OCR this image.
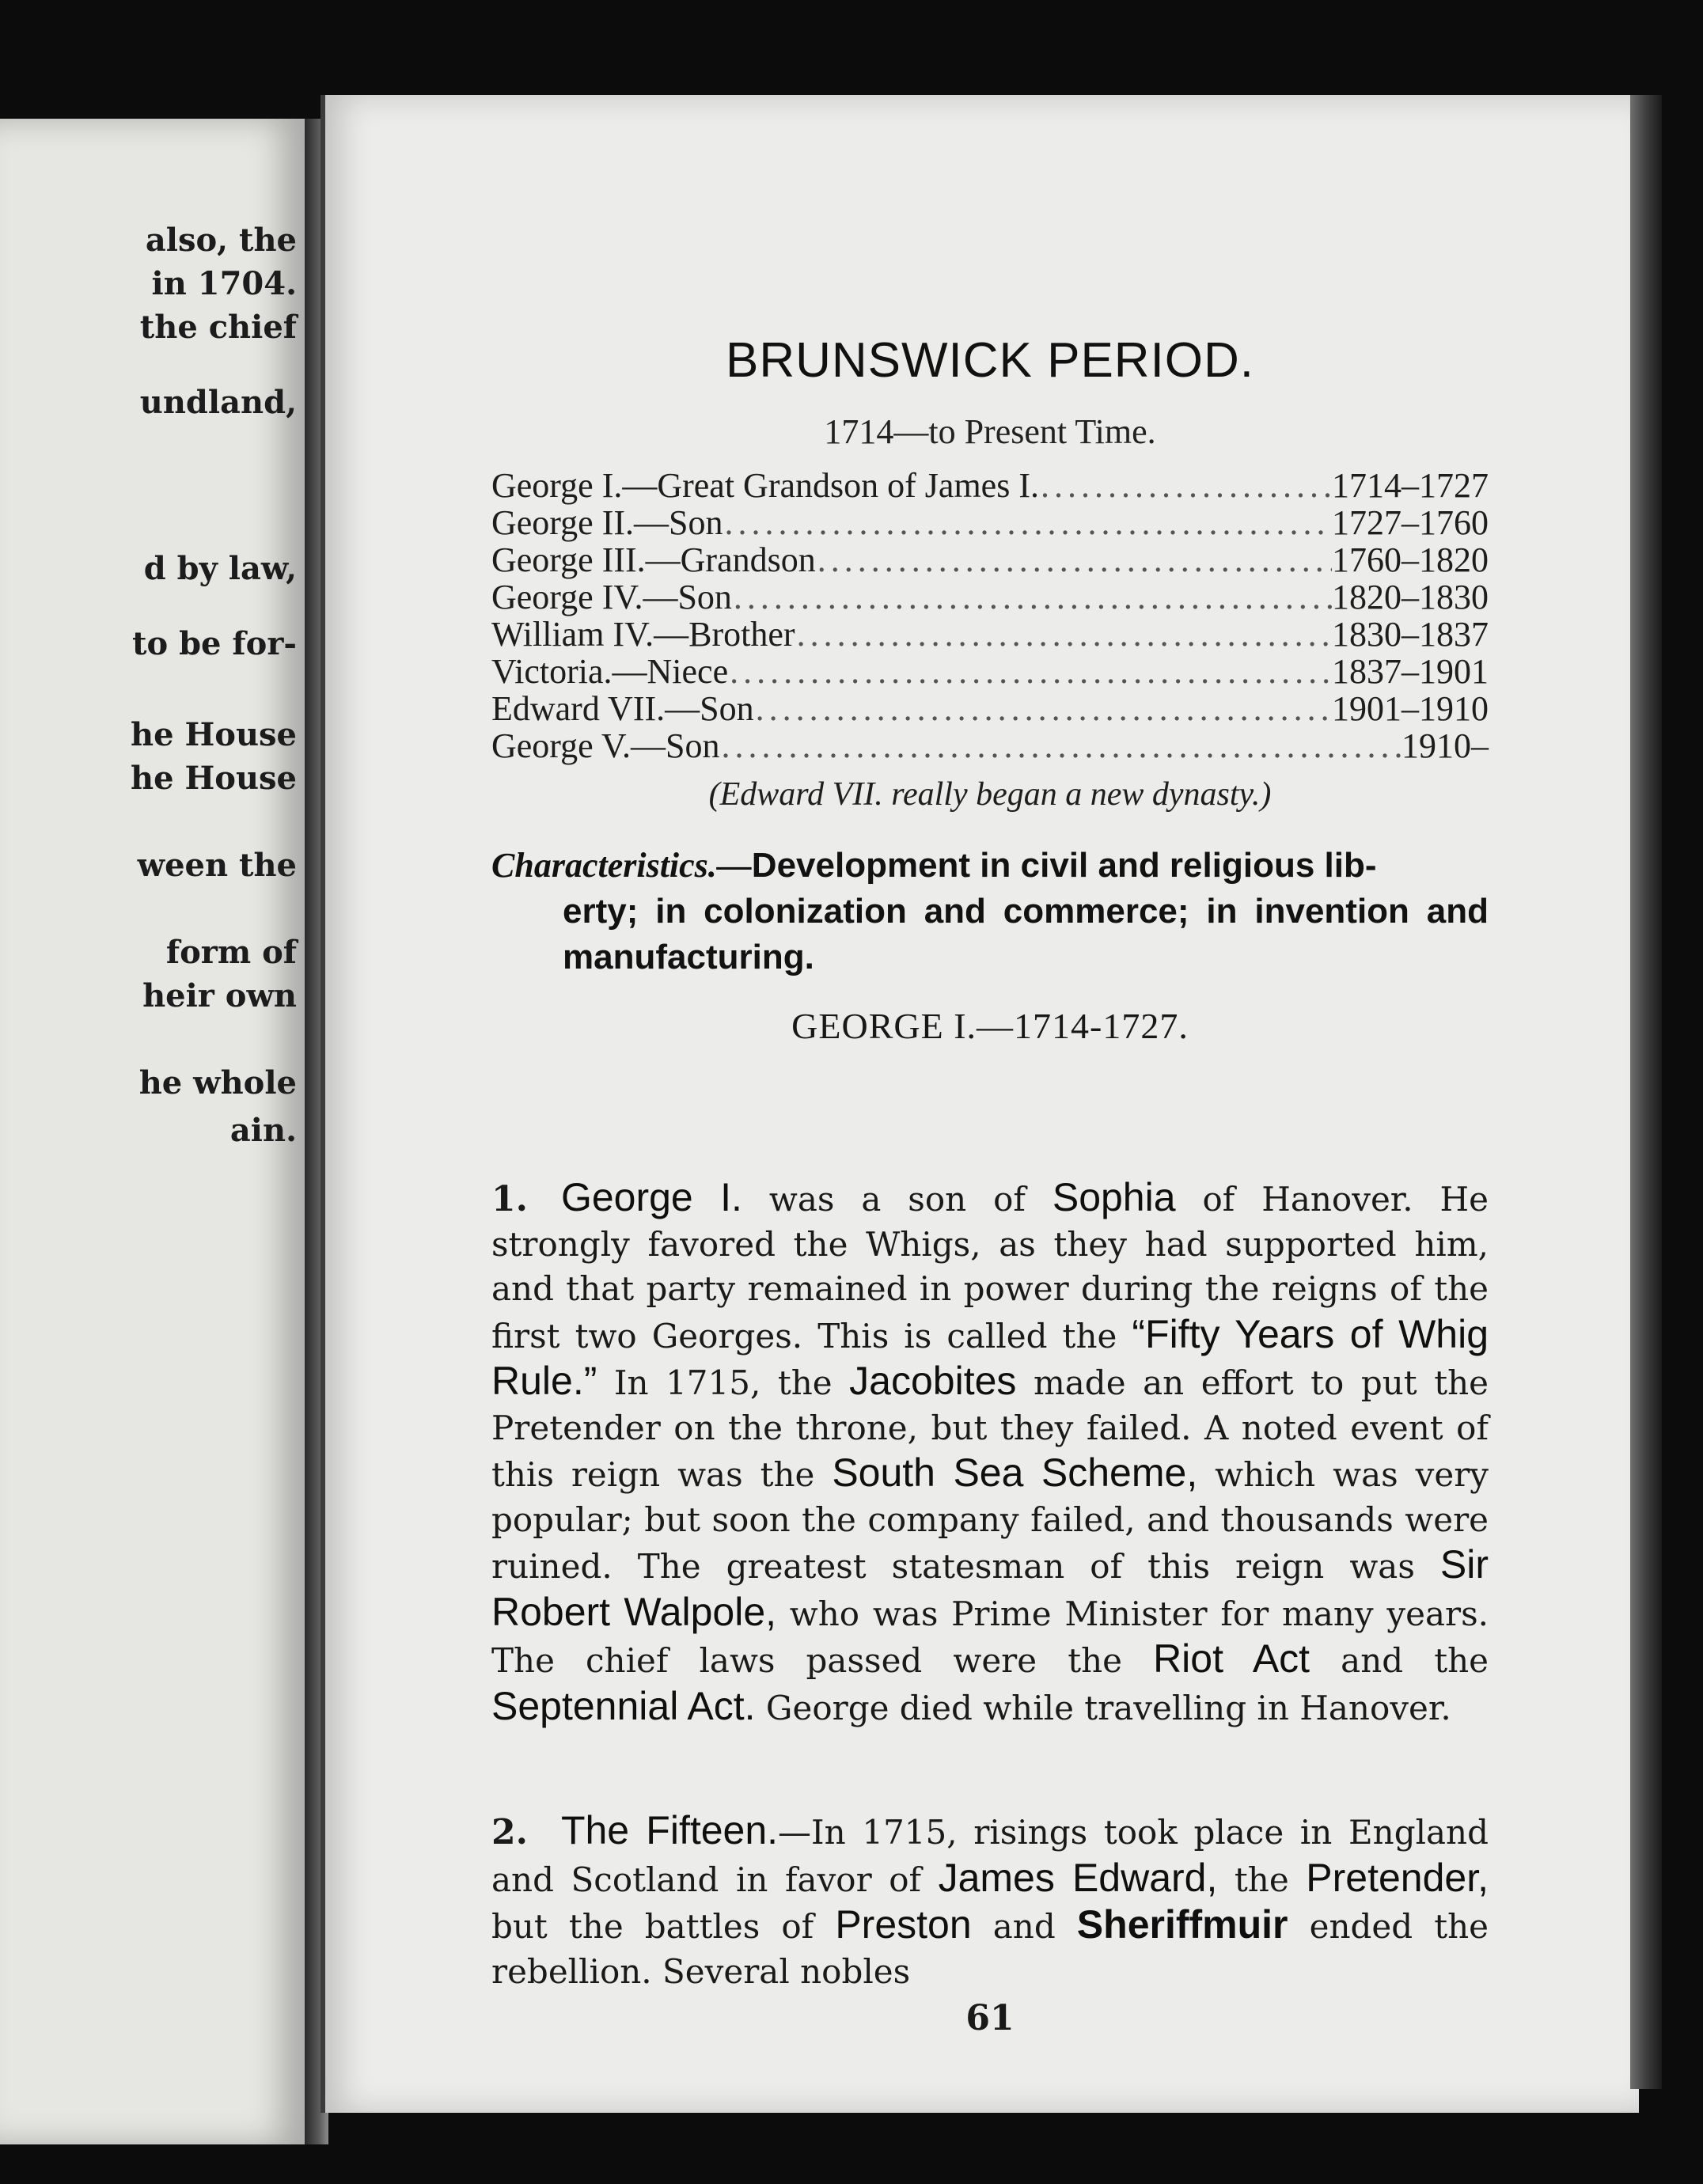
also, the
in 1704.
the chief
undland,
d by law,
to be for-
he House
he House
ween the
form of
heir own
he whole
ain.
BRUNSWICK PERIOD.
1714—to Present Time.
George I.—Great Grandson of James I. .....	1714–1727
George II.—Son .....	1727–1760
George III.—Grandson .....	1760–1820
George IV.—Son .....	1820–1830
William IV.—Brother .....	1830–1837
Victoria.—Niece .....	1837–1901
Edward VII.—Son .....	1901–1910
George V.—Son .....	1910–
(Edward VII. really began a new dynasty.)
Characteristics.—Development in civil and religious lib-
erty; in colonization and commerce; in invention and manufacturing.
GEORGE I.—1714-1727.
1.  George I. was a son of Sophia of Hanover. He strongly favored the Whigs, as they had supported him, and that party remained in power during the reigns of the first two Georges. This is called the “Fifty Years of Whig Rule.” In 1715, the Jacobites made an effort to put the Pretender on the throne, but they failed. A noted event of this reign was the South Sea Scheme, which was very popular; but soon the company failed, and thousands were ruined. The greatest statesman of this reign was Sir Robert Walpole, who was Prime Minister for many years. The chief laws passed were the Riot Act and the Septennial Act. George died while travelling in Hanover.
2.  The Fifteen.—In 1715, risings took place in England and Scotland in favor of James Edward, the Pretender, but the battles of Preston and Sheriffmuir ended the rebellion. Several nobles
61
